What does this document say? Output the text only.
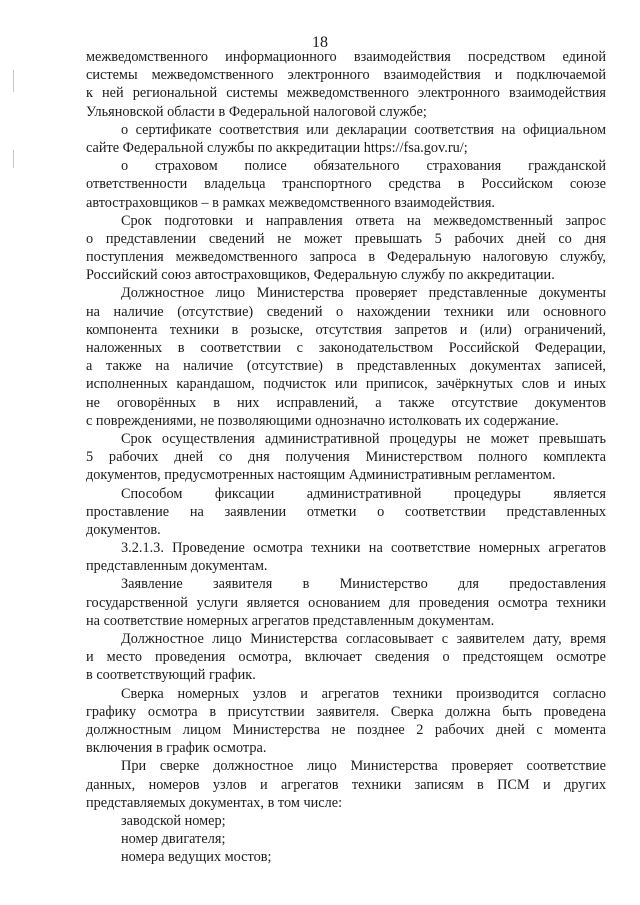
18
межведомственного информационного взаимодействия посредством единой
системы межведомственного электронного взаимодействия и подключаемой
к ней региональной системы межведомственного электронного взаимодействия
Ульяновской области в Федеральной налоговой службе;
о сертификате соответствия или декларации соответствия на официальном
сайте Федеральной службы по аккредитации https://fsa.gov.ru/;
о страховом полисе обязательного страхования гражданской
ответственности владельца транспортного средства в Российском союзе
автостраховщиков – в рамках межведомственного взаимодействия.
Срок подготовки и направления ответа на межведомственный запрос
о представлении сведений не может превышать 5 рабочих дней со дня
поступления межведомственного запроса в Федеральную налоговую службу,
Российский союз автостраховщиков, Федеральную службу по аккредитации.
Должностное лицо Министерства проверяет представленные документы
на наличие (отсутствие) сведений о нахождении техники или основного
компонента техники в розыске, отсутствия запретов и (или) ограничений,
наложенных в соответствии с законодательством Российской Федерации,
а также на наличие (отсутствие) в представленных документах записей,
исполненных карандашом, подчисток или приписок, зачёркнутых слов и иных
не оговорённых в них исправлений, а также отсутствие документов
с повреждениями, не позволяющими однозначно истолковать их содержание.
Срок осуществления административной процедуры не может превышать
5 рабочих дней со дня получения Министерством полного комплекта
документов, предусмотренных настоящим Административным регламентом.
Способом фиксации административной процедуры является
проставление на заявлении отметки о соответствии представленных
документов.
3.2.1.3. Проведение осмотра техники на соответствие номерных агрегатов
представленным документам.
Заявление заявителя в Министерство для предоставления
государственной услуги является основанием для проведения осмотра техники
на соответствие номерных агрегатов представленным документам.
Должностное лицо Министерства согласовывает с заявителем дату, время
и место проведения осмотра, включает сведения о предстоящем осмотре
в соответствующий график.
Сверка номерных узлов и агрегатов техники производится согласно
графику осмотра в присутствии заявителя. Сверка должна быть проведена
должностным лицом Министерства не позднее 2 рабочих дней с момента
включения в график осмотра.
При сверке должностное лицо Министерства проверяет соответствие
данных, номеров узлов и агрегатов техники записям в ПСМ и других
представляемых документах, в том числе:
заводской номер;
номер двигателя;
номера ведущих мостов;
